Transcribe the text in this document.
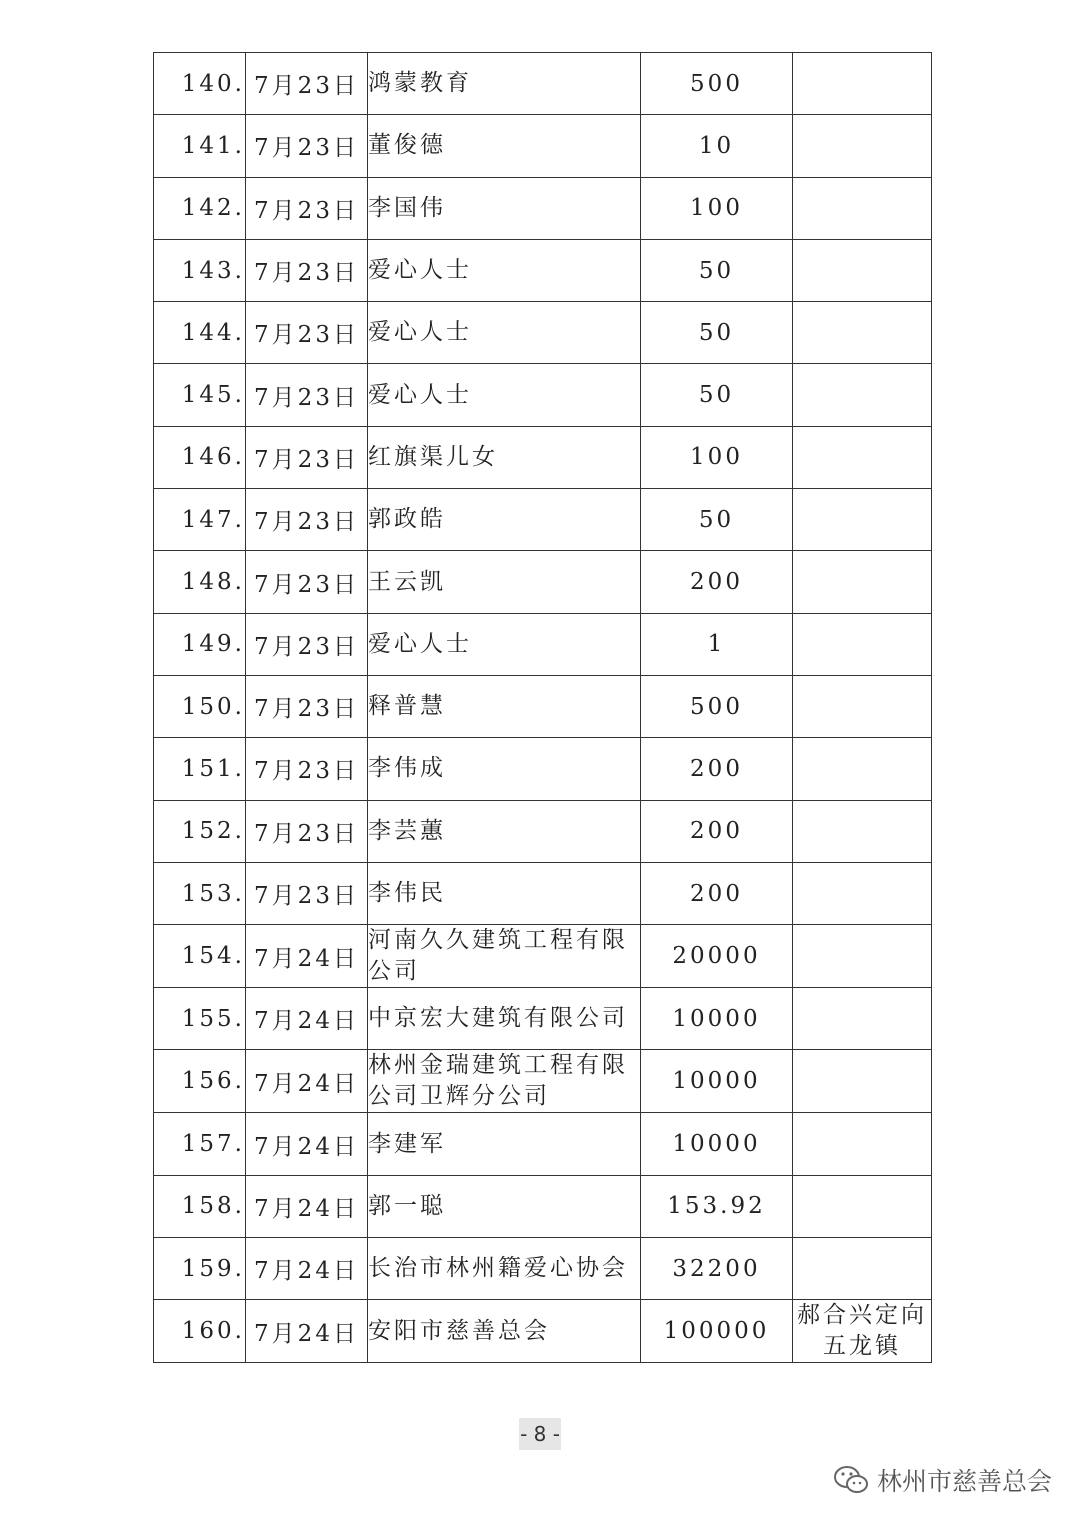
140.	7月23日	鸿蒙教育	500	
141.	7月23日	董俊德	10	
142.	7月23日	李国伟	100	
143.	7月23日	爱心人士	50	
144.	7月23日	爱心人士	50	
145.	7月23日	爱心人士	50	
146.	7月23日	红旗渠儿女	100	
147.	7月23日	郭政皓	50	
148.	7月23日	王云凯	200	
149.	7月23日	爱心人士	1	
150.	7月23日	释普慧	500	
151.	7月23日	李伟成	200	
152.	7月23日	李芸蕙	200	
153.	7月23日	李伟民	200	
154.	7月24日	河南久久建筑工程有限公司	20000	
155.	7月24日	中京宏大建筑有限公司	10000	
156.	7月24日	林州金瑞建筑工程有限公司卫辉分公司	10000	
157.	7月24日	李建军	10000	
158.	7月24日	郭一聪	153.92	
159.	7月24日	长治市林州籍爱心协会	32200	
160.	7月24日	安阳市慈善总会	100000	郝合兴定向五龙镇
- 8 -
林州市慈善总会
